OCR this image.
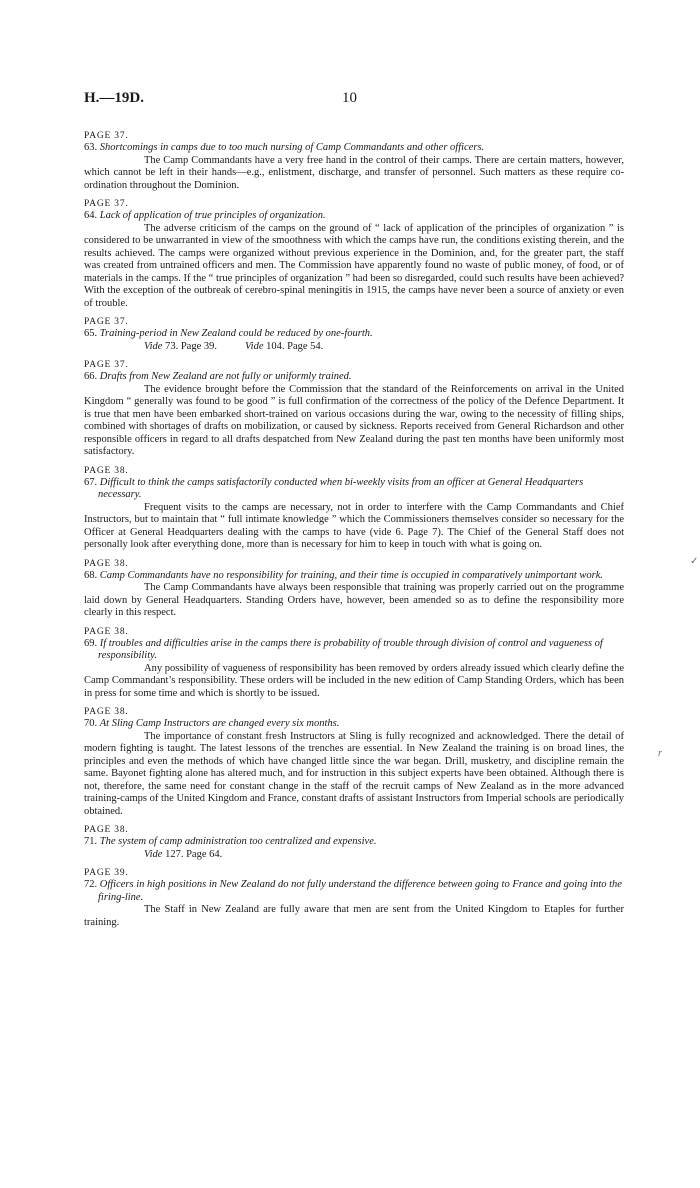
H.—19D.	10
PAGE 37.
63. Shortcomings in camps due to too much nursing of Camp Commandants and other officers.
The Camp Commandants have a very free hand in the control of their camps. There are certain matters, however, which cannot be left in their hands—e.g., enlistment, discharge, and transfer of personnel. Such matters as these require co-ordination throughout the Dominion.
PAGE 37.
64. Lack of application of true principles of organization.
The adverse criticism of the camps on the ground of “ lack of application of the principles of organization ” is considered to be unwarranted in view of the smoothness with which the camps have run, the conditions existing therein, and the results achieved. The camps were organized without previous experience in the Dominion, and, for the greater part, the staff was created from untrained officers and men. The Commission have apparently found no waste of public money, of food, or of materials in the camps. If the “ true principles of organization ” had been so disregarded, could such results have been achieved? With the exception of the outbreak of cerebro-spinal meningitis in 1915, the camps have never been a source of anxiety or even of trouble.
PAGE 37.
65. Training-period in New Zealand could be reduced by one-fourth.
Vide 73. Page 39.	Vide 104. Page 54.
PAGE 37.
66. Drafts from New Zealand are not fully or uniformly trained.
The evidence brought before the Commission that the standard of the Reinforcements on arrival in the United Kingdom “ generally was found to be good ” is full confirmation of the correctness of the policy of the Defence Department. It is true that men have been embarked short-trained on various occasions during the war, owing to the necessity of filling ships, combined with shortages of drafts on mobilization, or caused by sickness. Reports received from General Richardson and other responsible officers in regard to all drafts despatched from New Zealand during the past ten months have been uniformly most satisfactory.
PAGE 38.
67. Difficult to think the camps satisfactorily conducted when bi-weekly visits from an officer at General Headquarters necessary.
Frequent visits to the camps are necessary, not in order to interfere with the Camp Commandants and Chief Instructors, but to maintain that “ full intimate knowledge ” which the Commissioners themselves consider so necessary for the Officer at General Headquarters dealing with the camps to have (vide 6. Page 7). The Chief of the General Staff does not personally look after everything done, more than is necessary for him to keep in touch with what is going on.
PAGE 38.
68. Camp Commandants have no responsibility for training, and their time is occupied in comparatively unimportant work.
The Camp Commandants have always been responsible that training was properly carried out on the programme laid down by General Headquarters. Standing Orders have, however, been amended so as to define the responsibility more clearly in this respect.
PAGE 38.
69. If troubles and difficulties arise in the camps there is probability of trouble through division of control and vagueness of responsibility.
Any possibility of vagueness of responsibility has been removed by orders already issued which clearly define the Camp Commandant’s responsibility. These orders will be included in the new edition of Camp Standing Orders, which has been in press for some time and which is shortly to be issued.
PAGE 38.
70. At Sling Camp Instructors are changed every six months.
The importance of constant fresh Instructors at Sling is fully recognized and acknowledged. There the detail of modern fighting is taught. The latest lessons of the trenches are essential. In New Zealand the training is on broad lines, the principles and even the methods of which have changed little since the war began. Drill, musketry, and discipline remain the same. Bayonet fighting alone has altered much, and for instruction in this subject experts have been obtained. Although there is not, therefore, the same need for constant change in the staff of the recruit camps of New Zealand as in the more advanced training-camps of the United Kingdom and France, constant drafts of assistant Instructors from Imperial schools are periodically obtained.
PAGE 38.
71. The system of camp administration too centralized and expensive.
Vide 127. Page 64.
PAGE 39.
72. Officers in high positions in New Zealand do not fully understand the difference between going to France and going into the firing-line.
The Staff in New Zealand are fully aware that men are sent from the United Kingdom to Etaples for further training.
✓
r
